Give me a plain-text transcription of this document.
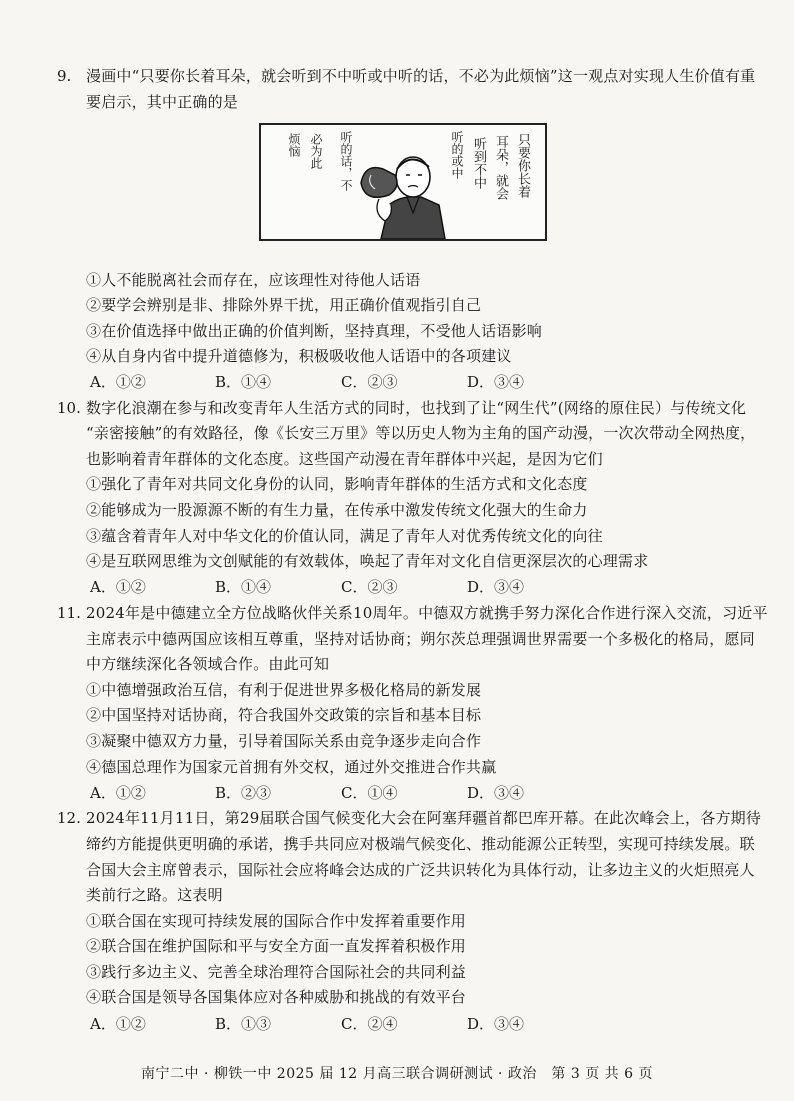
9. 漫画中“只要你长着耳朵，就会听到不中听或中听的话，不必为此烦恼”这一观点对实现人生价值有重
要启示，其中正确的是
只要你长着
耳朵，就会
听到不中
听的或中
听的话，不
必为此
烦恼
①人不能脱离社会而存在，应该理性对待他人话语
②要学会辨别是非、排除外界干扰，用正确价值观指引自己
③在价值选择中做出正确的价值判断，坚持真理，不受他人话语影响
④从自身内省中提升道德修为，积极吸收他人话语中的各项建议
A．①②	B．①④	C．②③	D．③④
10. 数字化浪潮在参与和改变青年人生活方式的同时，也找到了让“网生代”(网络的原住民）与传统文化
“亲密接触”的有效路径，像《长安三万里》等以历史人物为主角的国产动漫，一次次带动全网热度，
也影响着青年群体的文化态度。这些国产动漫在青年群体中兴起，是因为它们
①强化了青年对共同文化身份的认同，影响青年群体的生活方式和文化态度
②能够成为一股源源不断的有生力量，在传承中激发传统文化强大的生命力
③蕴含着青年人对中华文化的价值认同，满足了青年人对优秀传统文化的向往
④是互联网思维为文创赋能的有效载体，唤起了青年对文化自信更深层次的心理需求
A．①②	B．①④	C．②③	D．③④
11. 2024年是中德建立全方位战略伙伴关系10周年。中德双方就携手努力深化合作进行深入交流，习近平
主席表示中德两国应该相互尊重，坚持对话协商；朔尔茨总理强调世界需要一个多极化的格局，愿同
中方继续深化各领域合作。由此可知
①中德增强政治互信，有利于促进世界多极化格局的新发展
②中国坚持对话协商，符合我国外交政策的宗旨和基本目标
③凝聚中德双方力量，引导着国际关系由竞争逐步走向合作
④德国总理作为国家元首拥有外交权，通过外交推进合作共赢
A．①②	B．②③	C．①④	D．③④
12. 2024年11月11日，第29届联合国气候变化大会在阿塞拜疆首都巴库开幕。在此次峰会上，各方期待
缔约方能提供更明确的承诺，携手共同应对极端气候变化、推动能源公正转型，实现可持续发展。联
合国大会主席曾表示，国际社会应将峰会达成的广泛共识转化为具体行动，让多边主义的火炬照亮人
类前行之路。这表明
①联合国在实现可持续发展的国际合作中发挥着重要作用
②联合国在维护国际和平与安全方面一直发挥着积极作用
③践行多边主义、完善全球治理符合国际社会的共同利益
④联合国是领导各国集体应对各种威胁和挑战的有效平台
A．①②	B．①③	C．②④	D．③④
南宁二中 · 柳铁一中 2025 届 12 月高三联合调研测试 · 政治　第 3 页 共 6 页
